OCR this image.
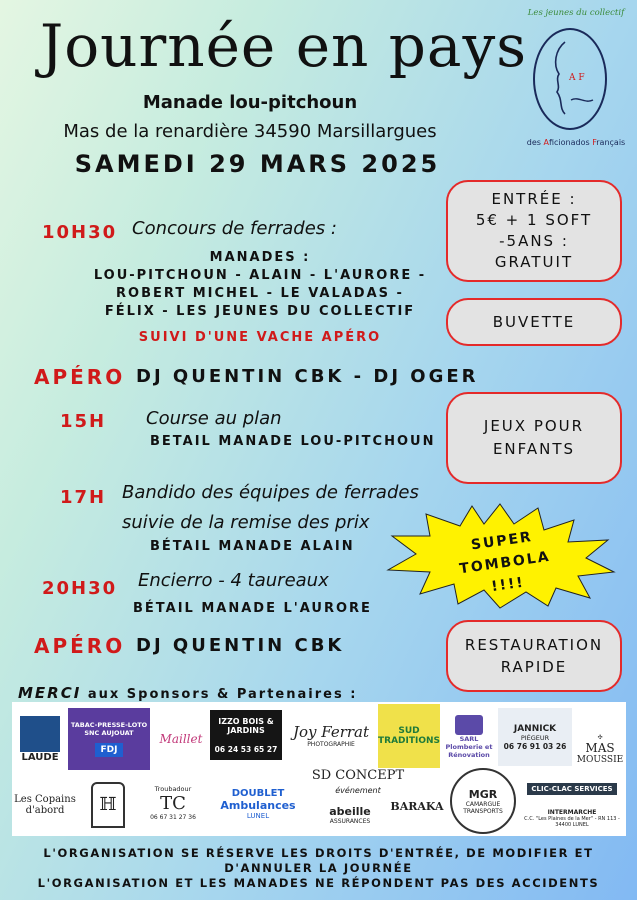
Journée en pays Les jeunes du collectif
A F
des Aficionados Français
Manade lou-pitchoun
Mas de la renardière 34590 Marsillargues
SAMEDI 29 MARS 2025
10H30 Concours de ferrades :
MANADES :
LOU-PITCHOUN - ALAIN - L'AURORE -
ROBERT MICHEL - LE VALADAS -
FÉLIX - LES JEUNES DU COLLECTIF
SUIVI D'UNE VACHE APÉRO
APÉRO DJ QUENTIN CBK - DJ OGER
15H Course au plan
BETAIL MANADE LOU-PITCHOUN
17H Bandido des équipes de ferrades
suivie de la remise des prix
BÉTAIL MANADE ALAIN
20H30 Encierro - 4 taureaux
BÉTAIL MANADE L'AURORE
APÉRO DJ QUENTIN CBK
ENTRÉE :
5€ + 1 SOFT
-5ANS :
GRATUIT
BUVETTE
JEUX POUR
ENFANTS
RESTAURATION
RAPIDE
SUPER
TOMBOLA !!!!
MERCI aux Sponsors & Partenaires :
LAUDE
TABAC-PRESSE-LOTO SNC AUJOUAT
FDJ
Maillet
IZZO BOIS & JARDINS
06 24 53 65 27
Joy Ferrat
PHOTOGRAPHIE
SUD TRADITIONS	SARL Plomberie et Rénovation
JANNICK
PIÉGEUR
06 76 91 03 26
✣
MAS
MOUSSIE
Les Copains d'abord	ℍ
Troubadour
TC
06 67 31 27 36
DOUBLET
Ambulances
LUNEL
SD CONCEPT
événement
abeille
ASSURANCES
BARAKA
MGR
CAMARGUE
TRANSPORTS
CLIC-CLAC SERVICES
INTERMARCHE
C.C. "Les Plaines de la Mer" - RN 113 - 34400 LUNEL
L'ORGANISATION SE RÉSERVE LES DROITS D'ENTRÉE, DE MODIFIER ET
D'ANNULER LA JOURNÉE
L'ORGANISATION ET LES MANADES NE RÉPONDENT PAS DES ACCIDENTS
